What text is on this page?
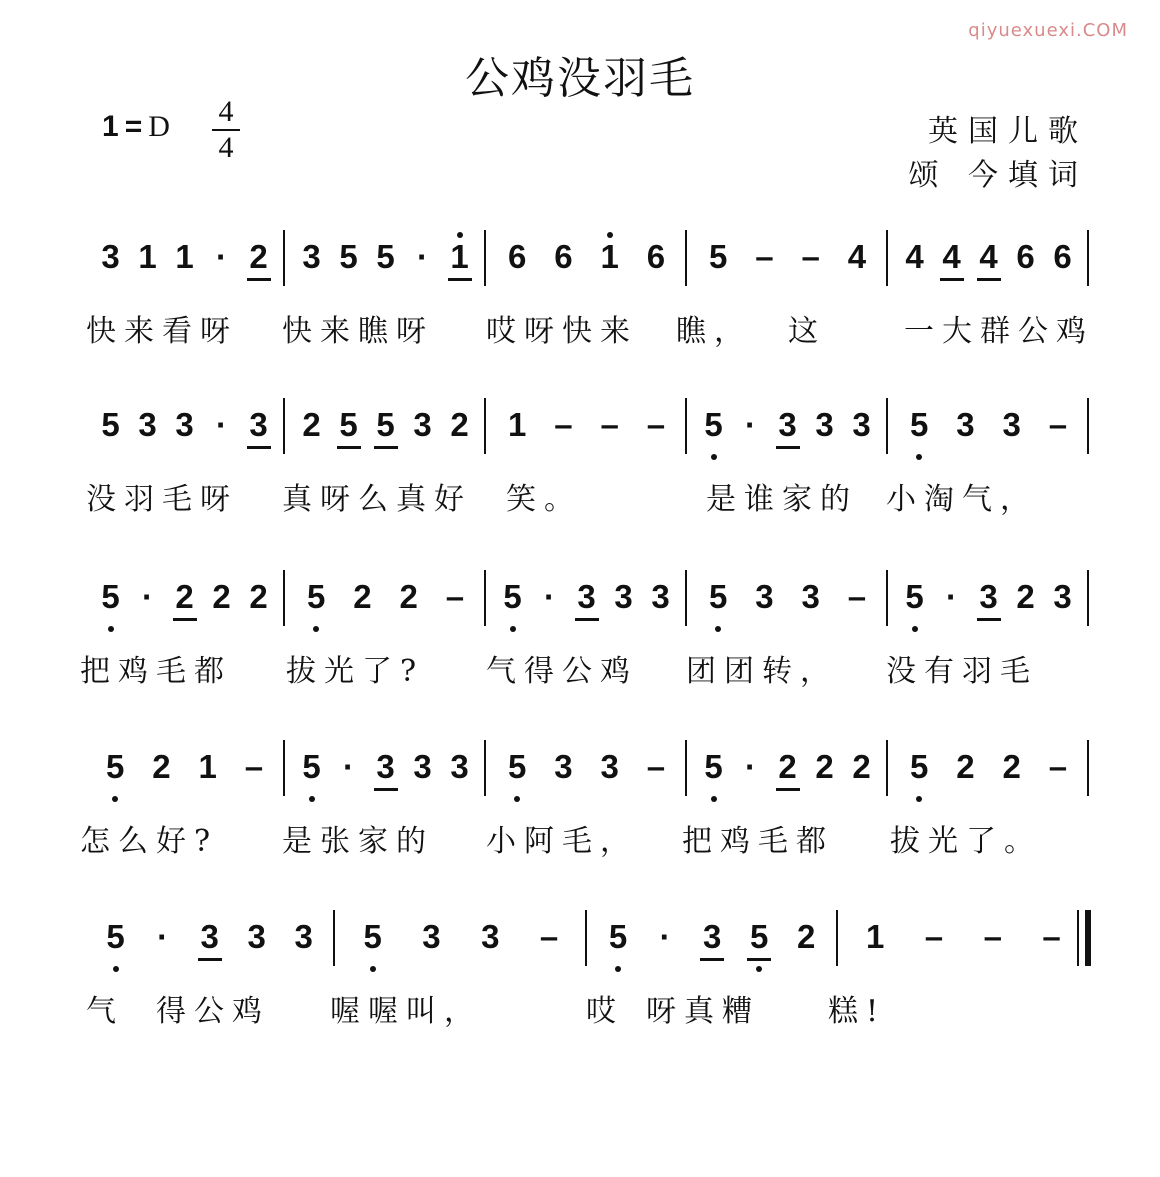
qiyuexuexi.COM
公鸡没羽毛
1 = D	4
4	英国儿歌
颂 今填词
3 1 1 · 2 3 5 5 · 1 6 6 1 6 5 – – 4 4 4 4 6 6
快来看呀 快来瞧呀 哎呀快来 瞧， 这	一大群公鸡
5 3 3 · 3 2 5 5 3 2 1 – – – 5 · 3 3 3 5 3 3 –
没羽毛呀 真呀么真好 笑。	是谁家的 小淘气，
5 · 2 2 2 5 2 2 – 5 · 3 3 3 5 3 3 – 5 · 3 2 3
把鸡毛都 拔光了? 气得公鸡 团团转， 没有羽毛
5 2 1 – 5 · 3 3 3 5 3 3 – 5 · 2 2 2 5 2 2 –
怎么好? 是张家的 小阿毛， 把鸡毛都 拔光了。
5 · 3 3 3 5 3 3 – 5 · 3 5 2 1 – – –
气 得公鸡 喔喔叫，	哎 呀真糟 糕!
